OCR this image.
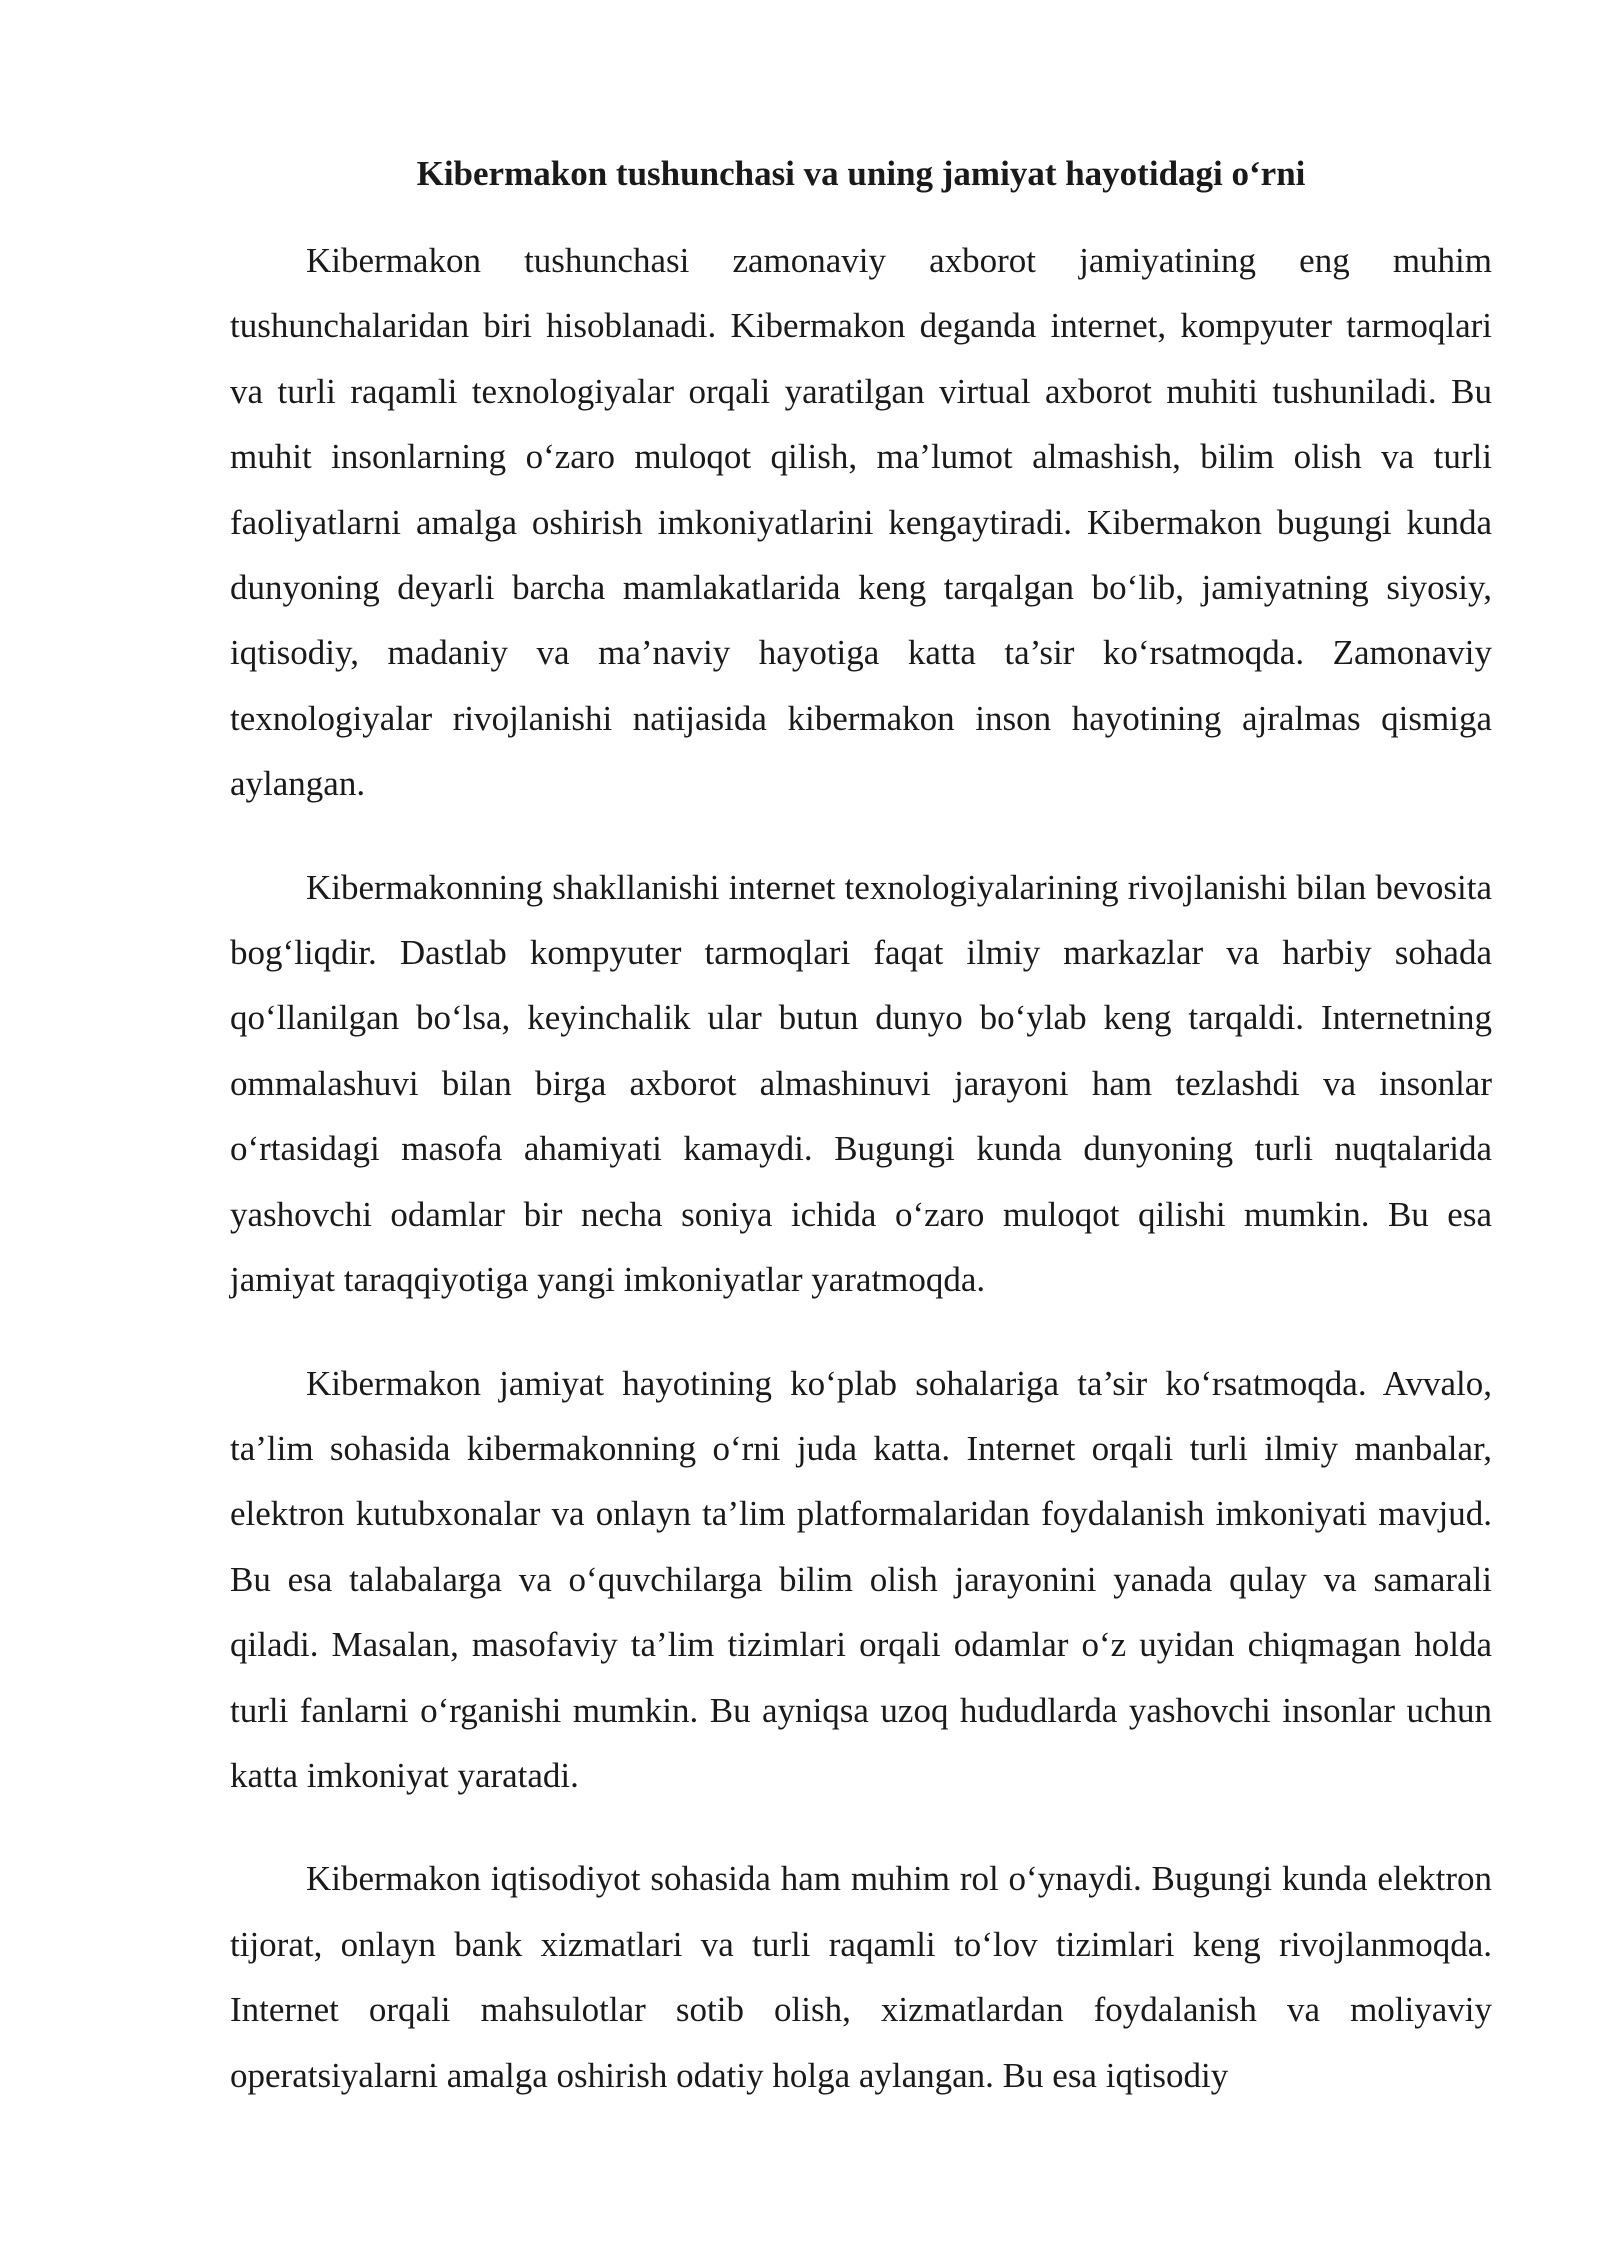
Kibermakon tushunchasi va uning jamiyat hayotidagi o‘rni

Kibermakon tushunchasi zamonaviy axborot jamiyatining eng muhim tushunchalaridan biri hisoblanadi. Kibermakon deganda internet, kompyuter tarmoqlari va turli raqamli texnologiyalar orqali yaratilgan virtual axborot muhiti tushuniladi. Bu muhit insonlarning o‘zaro muloqot qilish, ma’lumot almashish, bilim olish va turli faoliyatlarni amalga oshirish imkoniyatlarini kengaytiradi. Kibermakon bugungi kunda dunyoning deyarli barcha mamlakatlarida keng tarqalgan bo‘lib, jamiyatning siyosiy, iqtisodiy, madaniy va ma’naviy hayotiga katta ta’sir ko‘rsatmoqda. Zamonaviy texnologiyalar rivojlanishi natijasida kibermakon inson hayotining ajralmas qismiga aylangan.

Kibermakonning shakllanishi internet texnologiyalarining rivojlanishi bilan bevosita bog‘liqdir. Dastlab kompyuter tarmoqlari faqat ilmiy markazlar va harbiy sohada qo‘llanilgan bo‘lsa, keyinchalik ular butun dunyo bo‘ylab keng tarqaldi. Internetning ommalashuvi bilan birga axborot almashinuvi jarayoni ham tezlashdi va insonlar o‘rtasidagi masofa ahamiyati kamaydi. Bugungi kunda dunyoning turli nuqtalarida yashovchi odamlar bir necha soniya ichida o‘zaro muloqot qilishi mumkin. Bu esa jamiyat taraqqiyotiga yangi imkoniyatlar yaratmoqda.

Kibermakon jamiyat hayotining ko‘plab sohalariga ta’sir ko‘rsatmoqda. Avvalo, ta’lim sohasida kibermakonning o‘rni juda katta. Internet orqali turli ilmiy manbalar, elektron kutubxonalar va onlayn ta’lim platformalaridan foydalanish imkoniyati mavjud. Bu esa talabalarga va o‘quvchilarga bilim olish jarayonini yanada qulay va samarali qiladi. Masalan, masofaviy ta’lim tizimlari orqali odamlar o‘z uyidan chiqmagan holda turli fanlarni o‘rganishi mumkin. Bu ayniqsa uzoq hududlarda yashovchi insonlar uchun katta imkoniyat yaratadi.

Kibermakon iqtisodiyot sohasida ham muhim rol o‘ynaydi. Bugungi kunda elektron tijorat, onlayn bank xizmatlari va turli raqamli to‘lov tizimlari keng rivojlanmoqda. Internet orqali mahsulotlar sotib olish, xizmatlardan foydalanish va moliyaviy operatsiyalarni amalga oshirish odatiy holga aylangan. Bu esa iqtisodiy
